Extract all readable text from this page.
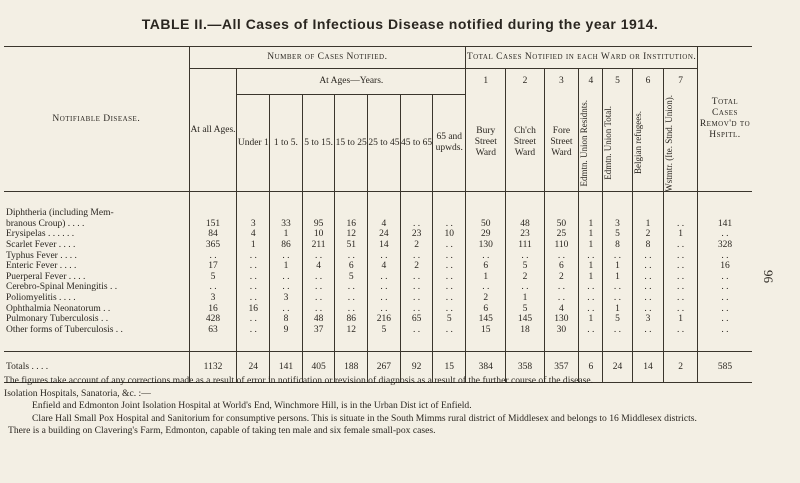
TABLE II.—All Cases of Infectious Disease notified during the year 1914.
96
Notifiable Disease.	Number of Cases Notified.								Total Cases Notified in each Ward or Institution.							Total Cases Remov'd to Hspitl.
	At all Ages.	At Ages—Years.							1	2	3	4	5	6	7	
		Under 1	1 to 5.	5 to 15.	15 to 25	25 to 45	45 to 65	65 and upwds.	Bury Street Ward	Ch'ch Street Ward	Fore Street Ward	Edmtn. Union Residnts.	Edmtn. Union Total.	Belgian refugees.	Wstmtr. (Ite. Stnd. Union).	

Diphtheria (including Mem-																
branous Croup) . . . .	151	3	33	95	16	4	. .	. .	50	48	50	1	3	1	. .	141
Erysipelas . . . . . .	84	4	1	10	12	24	23	10	29	23	25	1	5	2	1	. .
Scarlet Fever . . . .	365	1	86	211	51	14	2	. .	130	111	110	1	8	8	. .	328
Typhus Fever . . . .	. .	. .	. .	. .	. .	. .	. .	. .	. .	. .	. .	. .	. .	. .	. .	. .
Enteric Fever . . . .	17	. .	1	4	6	4	2	. .	6	5	6	1	1	. .	. .	16
Puerperal Fever . . . .	5	. .	. .	. .	5	. .	. .	. .	1	2	2	1	1	. .	. .	. .
Cerebro-Spinal Meningitis . .	. .	. .	. .	. .	. .	. .	. .	. .	. .	. .	. .	. .	. .	. .	. .	. .
Poliomyelitis . . . .	3	. .	3	. .	. .	. .	. .	. .	2	1	. .	. .	. .	. .	. .	. .
Ophthalmia Neonatorum . .	16	16	. .	. .	. .	. .	. .	. .	6	5	4	. .	1	. .	. .	. .
Pulmonary Tuberculosis . .	428	. .	8	48	86	216	65	5	145	145	130	1	5	3	1	. .
Other forms of Tuberculosis . .	63	. .	9	37	12	5	. .	. .	15	18	30	. .	. .	. .	. .	. .

Totals . . . .	1132	24	141	405	188	267	92	15	384	358	357	6	24	14	2	585

The figures take account of any corrections made as a result of error in notification or revision of diagnosis as a result of the further course of the disease.

Isolation Hospitals, Sanatoria, &c. :—

Enfield and Edmonton Joint Isolation Hospital at World's End, Winchmore Hill, is in the Urban Dist ict of Enfield.

Clare Hall Small Pox Hospital and Sanitorium for consumptive persons. This is situate in the South Mimms rural district of Middlesex and belongs to 16 Middlesex districts.

There is a building on Clavering's Farm, Edmonton, capable of taking ten male and six female small-pox cases.
